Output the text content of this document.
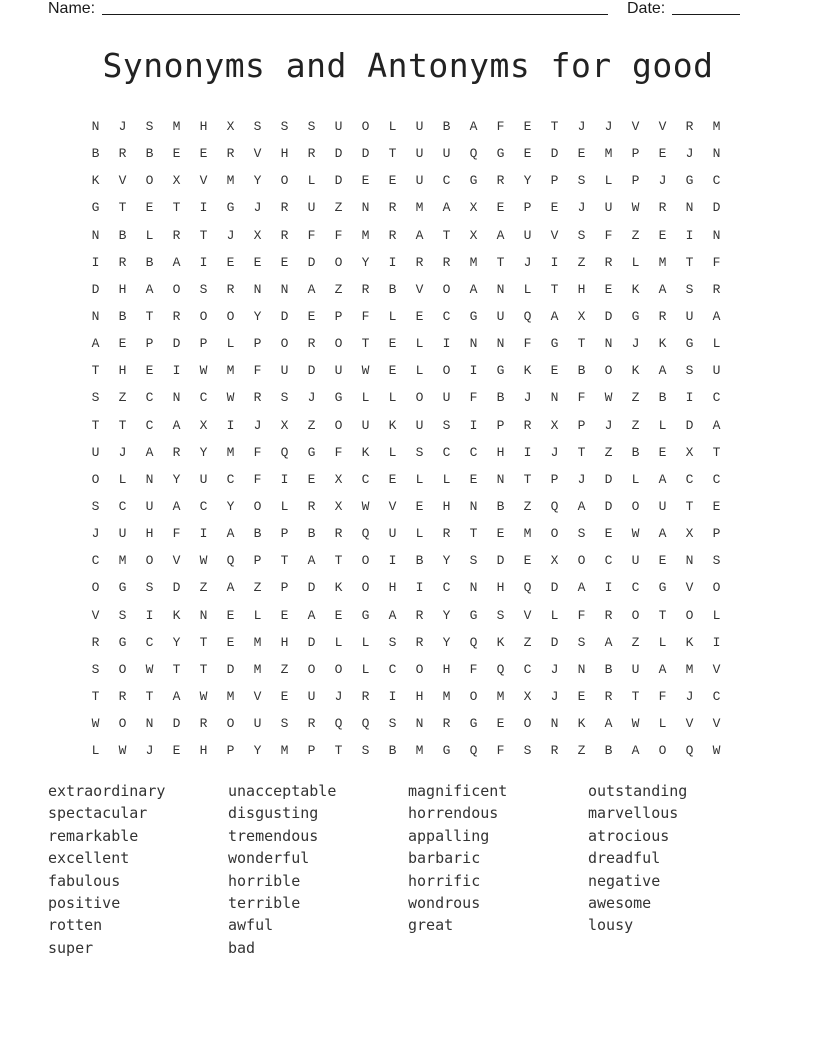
Name:	Date:
Synonyms and Antonyms for good
N	J	S	M	H	X	S	S	S	U	O	L	U	B	A	F	E	T	J	J	V	V	R	M
B	R	B	E	E	R	V	H	R	D	D	T	U	U	Q	G	E	D	E	M	P	E	J	N
K	V	O	X	V	M	Y	O	L	D	E	E	U	C	G	R	Y	P	S	L	P	J	G	C
G	T	E	T	I	G	J	R	U	Z	N	R	M	A	X	E	P	E	J	U	W	R	N	D
N	B	L	R	T	J	X	R	F	F	M	R	A	T	X	A	U	V	S	F	Z	E	I	N
I	R	B	A	I	E	E	E	D	O	Y	I	R	R	M	T	J	I	Z	R	L	M	T	F
D	H	A	O	S	R	N	N	A	Z	R	B	V	O	A	N	L	T	H	E	K	A	S	R
N	B	T	R	O	O	Y	D	E	P	F	L	E	C	G	U	Q	A	X	D	G	R	U	A
A	E	P	D	P	L	P	O	R	O	T	E	L	I	N	N	F	G	T	N	J	K	G	L
T	H	E	I	W	M	F	U	D	U	W	E	L	O	I	G	K	E	B	O	K	A	S	U
S	Z	C	N	C	W	R	S	J	G	L	L	O	U	F	B	J	N	F	W	Z	B	I	C
T	T	C	A	X	I	J	X	Z	O	U	K	U	S	I	P	R	X	P	J	Z	L	D	A
U	J	A	R	Y	M	F	Q	G	F	K	L	S	C	C	H	I	J	T	Z	B	E	X	T
O	L	N	Y	U	C	F	I	E	X	C	E	L	L	E	N	T	P	J	D	L	A	C	C
S	C	U	A	C	Y	O	L	R	X	W	V	E	H	N	B	Z	Q	A	D	O	U	T	E
J	U	H	F	I	A	B	P	B	R	Q	U	L	R	T	E	M	O	S	E	W	A	X	P
C	M	O	V	W	Q	P	T	A	T	O	I	B	Y	S	D	E	X	O	C	U	E	N	S
O	G	S	D	Z	A	Z	P	D	K	O	H	I	C	N	H	Q	D	A	I	C	G	V	O
V	S	I	K	N	E	L	E	A	E	G	A	R	Y	G	S	V	L	F	R	O	T	O	L
R	G	C	Y	T	E	M	H	D	L	L	S	R	Y	Q	K	Z	D	S	A	Z	L	K	I
S	O	W	T	T	D	M	Z	O	O	L	C	O	H	F	Q	C	J	N	B	U	A	M	V
T	R	T	A	W	M	V	E	U	J	R	I	H	M	O	M	X	J	E	R	T	F	J	C
W	O	N	D	R	O	U	S	R	Q	Q	S	N	R	G	E	O	N	K	A	W	L	V	V
L	W	J	E	H	P	Y	M	P	T	S	B	M	G	Q	F	S	R	Z	B	A	O	Q	W
extraordinary	unacceptable	magnificent	outstanding
spectacular	disgusting	horrendous	marvellous
remarkable	tremendous	appalling	atrocious
excellent	wonderful	barbaric	dreadful
fabulous	horrible	horrific	negative
positive	terrible	wondrous	awesome
rotten	awful	great	lousy
super	bad
